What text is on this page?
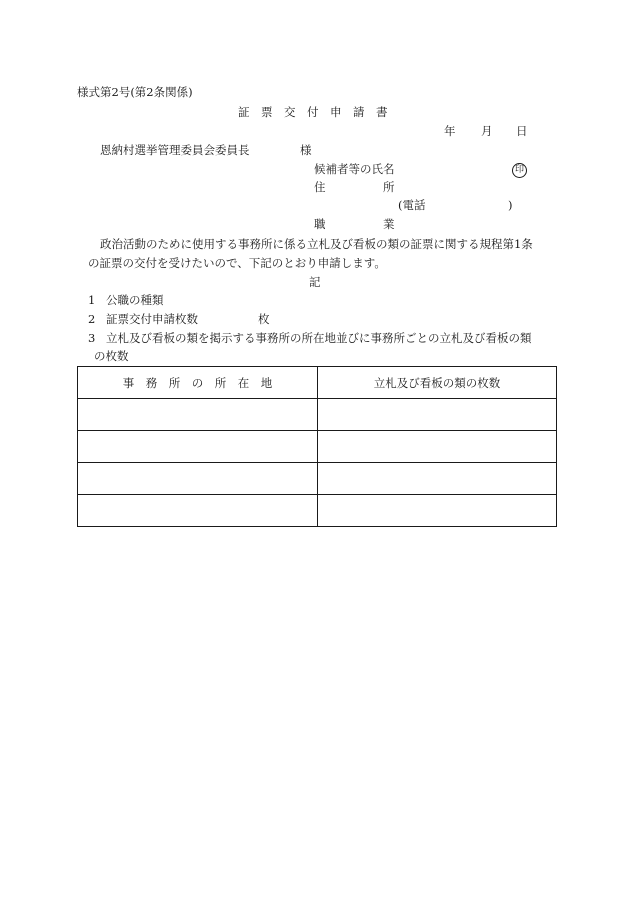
様式第2号(第2条関係)
証　票　交　付　申　請　書
年 月 日
恩納村選挙管理委員会委員長	様
候補者等の氏名	印
住　　　　　所
(電話	)
職　　　　　業
政治活動のために使用する事務所に係る立札及び看板の類の証票に関する規程第1条
の証票の交付を受けたいので、下記のとおり申請します。
記
1 公職の種類
2 証票交付申請枚数	枚
3 立札及び看板の類を掲示する事務所の所在地並びに事務所ごとの立札及び看板の類
の枚数
事　務　所　の　所　在　地	立札及び看板の類の枚数
